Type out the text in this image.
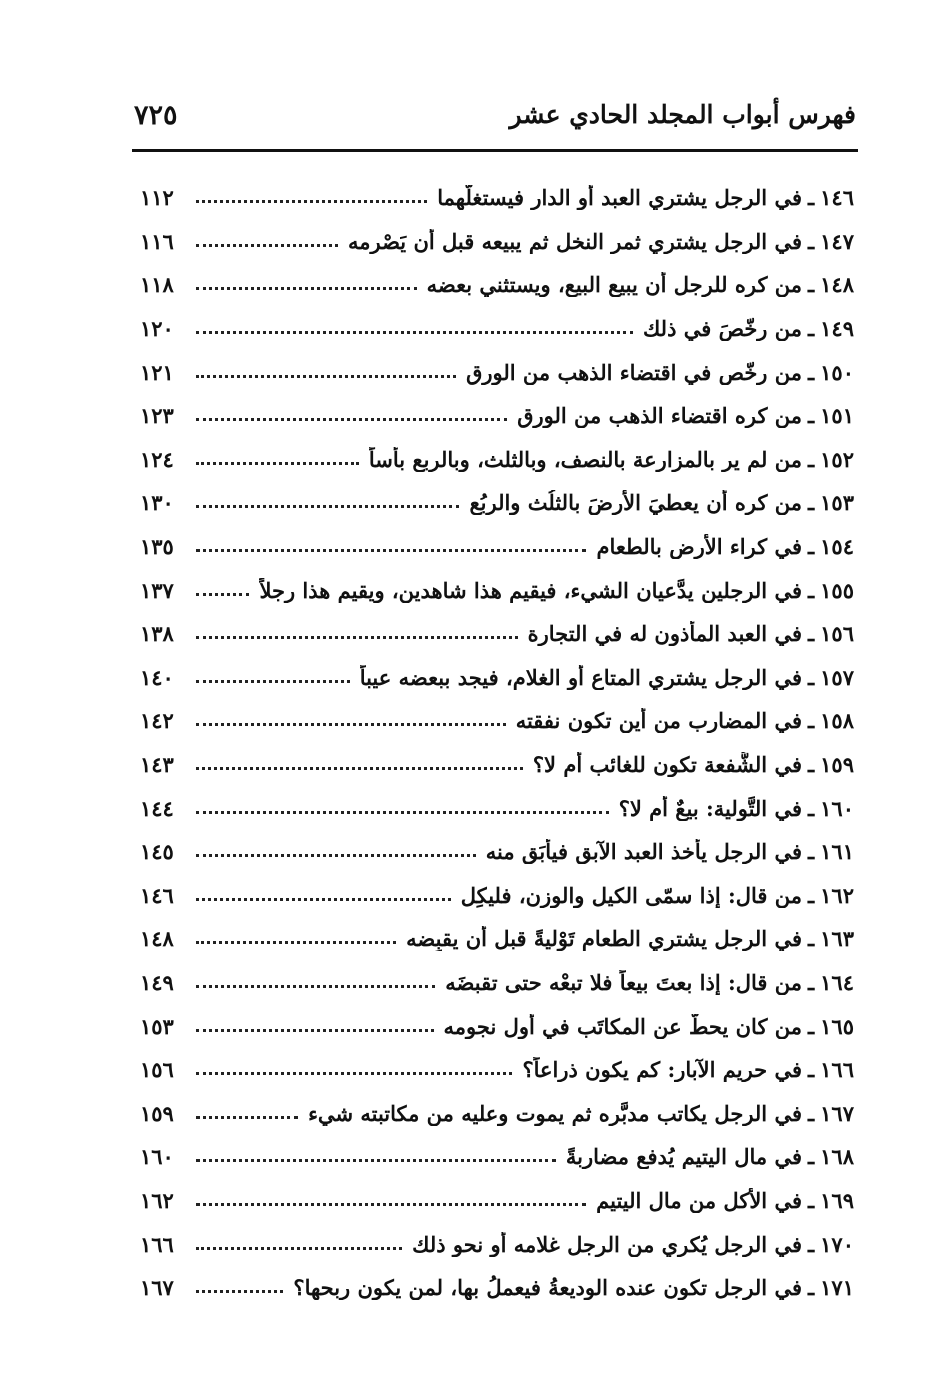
فهرس أبواب المجلد الحادي عشر
٧٢٥
١٤٦
ـ
في الرجل يشتري العبد أو الدار فيستغلُّهما
١١٢
١٤٧
ـ
في الرجل يشتري ثمر النخل ثم يبيعه قبل أن يَصْرِمه
١١٦
١٤٨
ـ
من كره للرجل أن يبيع البيع، ويستثني بعضه
١١٨
١٤٩
ـ
من رخّصَ في ذلك
١٢٠
١٥٠
ـ
من رخّص في اقتضاء الذهب من الورِق
١٢١
١٥١
ـ
من كره اقتضاء الذهب من الورق
١٢٣
١٥٢
ـ
من لم ير بالمزارعة بالنصف، وبالثلث، وبالربع بأساً
١٢٤
١٥٣
ـ
من كره أن يعطيَ الأرضَ بالثلُث والربُع
١٣٠
١٥٤
ـ
في كراء الأرض بالطعام
١٣٥
١٥٥
ـ
في الرجلين يدَّعيان الشيء، فيقيم هذا شاهدين، ويقيم هذا رجلاً
١٣٧
١٥٦
ـ
في العبد المأذون له في التجارة
١٣٨
١٥٧
ـ
في الرجل يشتري المتاع أو الغلام، فيجد ببعضه عيباً
١٤٠
١٥٨
ـ
في المضارب من أين تكون نفقته
١٤٢
١٥٩
ـ
في الشُّفعة تكون للغائب أم لا؟
١٤٣
١٦٠
ـ
في التَّولية: بيعٌ أم لا؟
١٤٤
١٦١
ـ
في الرجل يأخذ العبد الآبق فيأبَق منه
١٤٥
١٦٢
ـ
من قال: إذا سمّى الكيل والوزن، فليكِل
١٤٦
١٦٣
ـ
في الرجل يشتري الطعام تَوْليةً قبل أن يقبِضه
١٤٨
١٦٤
ـ
من قال: إذا بعتَ بيعاً فلا تبعْه حتى تقبضَه
١٤٩
١٦٥
ـ
من كان يحطُّ عن المكاتَب في أول نجومه
١٥٣
١٦٦
ـ
في حريم الآبار: كم يكون ذراعاً؟
١٥٦
١٦٧
ـ
في الرجل يكاتب مدبَّره ثم يموت وعليه من مكاتبته شيء
١٥٩
١٦٨
ـ
في مال اليتيم يُدفع مضاربةً
١٦٠
١٦٩
ـ
في الأكل من مال اليتيم
١٦٢
١٧٠
ـ
في الرجل يُكري من الرجل غلامه أو نحو ذلك
١٦٦
١٧١
ـ
في الرجل تكون عنده الوديعةُ فيعملُ بها، لمن يكون ربحها؟
١٦٧
